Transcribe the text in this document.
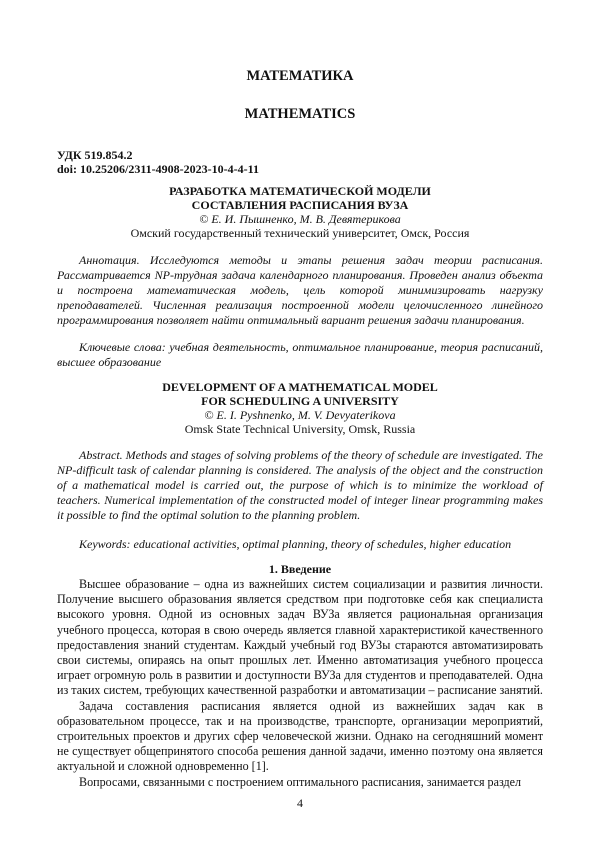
МАТЕМАТИКА
MATHEMATICS
УДК 519.854.2
doi: 10.25206/2311-4908-2023-10-4-4-11
РАЗРАБОТКА МАТЕМАТИЧЕСКОЙ МОДЕЛИ
СОСТАВЛЕНИЯ РАСПИСАНИЯ ВУЗА
© Е. И. Пышненко, М. В. Девятерикова
Омский государственный технический университет, Омск, Россия
Аннотация. Исследуются методы и этапы решения задач теории расписания. Рассматривается NP-трудная задача календарного планирования. Проведен анализ объекта и построена математическая модель, цель которой минимизировать нагрузку преподавателей. Численная реализация построенной модели целочисленного линейного программирования позволяет найти оптимальный вариант решения задачи планирования.
Ключевые слова: учебная деятельность, оптимальное планирование, теория расписаний, высшее образование
DEVELOPMENT OF A MATHEMATICAL MODEL
FOR SCHEDULING A UNIVERSITY
© E. I. Pyshnenko, M. V. Devyaterikova
Omsk State Technical University, Omsk, Russia
Abstract. Methods and stages of solving problems of the theory of schedule are investigated. The NP-difficult task of calendar planning is considered. The analysis of the object and the construction of a mathematical model is carried out, the purpose of which is to minimize the workload of teachers. Numerical implementation of the constructed model of integer linear programming makes it possible to find the optimal solution to the planning problem.
Keywords: educational activities, optimal planning, theory of schedules, higher education
1. Введение

Высшее образование – одна из важнейших систем социализации и развития личности. Получение высшего образования является средством при подготовке себя как специалиста высокого уровня. Одной из основных задач ВУЗа является рациональная организация учебного процесса, которая в свою очередь является главной характеристикой качественного предоставления знаний студентам. Каждый учебный год ВУЗы стараются автоматизировать свои системы, опираясь на опыт прошлых лет. Именно автоматизация учебного процесса играет огромную роль в развитии и доступности ВУЗа для студентов и преподавателей. Одна из таких систем, требующих качественной разработки и автоматизации – расписание занятий.

Задача составления расписания является одной из важнейших задач как в образовательном процессе, так и на производстве, транспорте, организации мероприятий, строительных проектов и других сфер человеческой жизни. Однако на сегодняшний момент не существует общепринятого способа решения данной задачи, именно поэтому она является актуальной и сложной одновременно [1].

Вопросами, связанными с построением оптимального расписания, занимается раздел

4
